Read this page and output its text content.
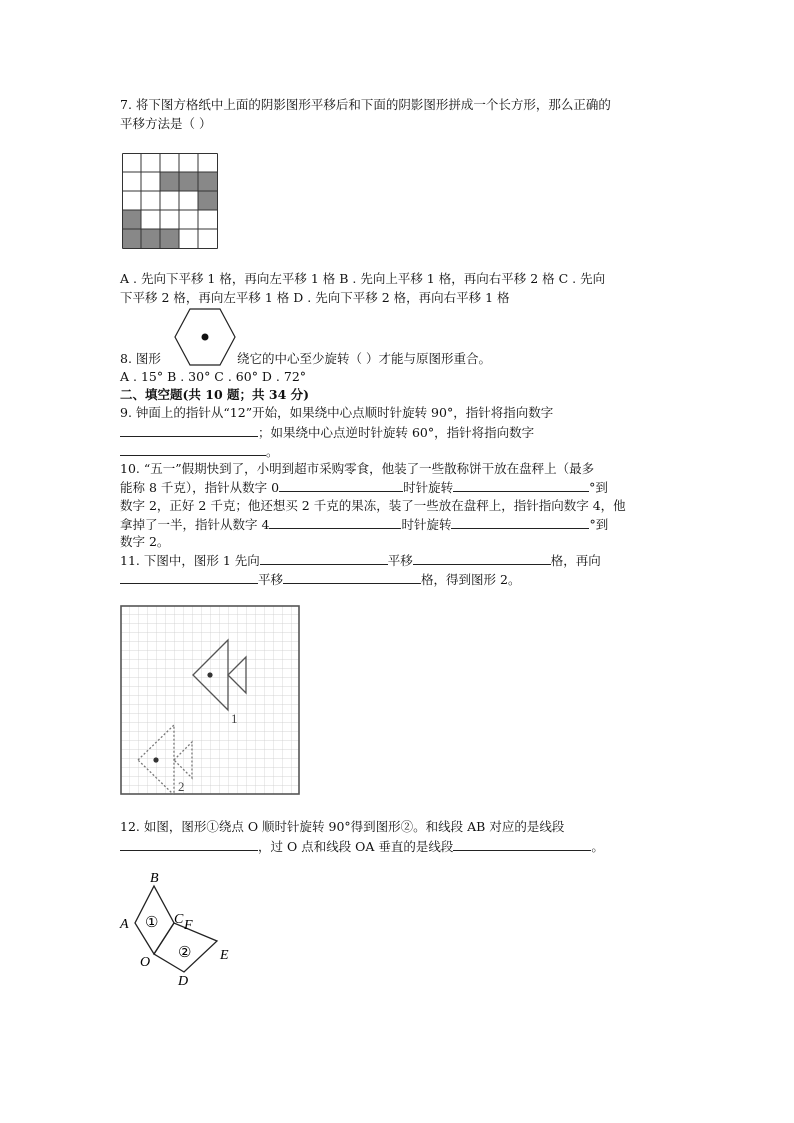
7. 将下图方格纸中上面的阴影图形平移后和下面的阴影图形拼成一个长方形，那么正确的
平移方法是（ ）
A . 先向下平移 1 格，再向左平移 1 格 B . 先向上平移 1 格，再向右平移 2 格 C . 先向
下平移 2 格，再向左平移 1 格 D . 先向下平移 2 格，再向右平移 1 格
8. 图形	绕它的中心至少旋转（ ）才能与原图形重合。
A . 15° B . 30° C . 60° D . 72°
二、填空题(共 10 题；共 34 分)
9. 钟面上的指针从“12”开始，如果绕中心点顺时针旋转 90°，指针将指向数字
；如果绕中心点逆时针旋转 60°，指针将指向数字
。
10. “五一”假期快到了，小明到超市采购零食，他装了一些散称饼干放在盘秤上（最多
能称 8 千克），指针从数字 0	时针旋转	°到
数字 2，正好 2 千克；他还想买 2 千克的果冻，装了一些放在盘秤上，指针指向数字 4，他
拿掉了一半，指针从数字 4	时针旋转	°到
数字 2。
11. 下图中，图形 1 先向	平移	格，再向
平移	格，得到图形 2。
1
2
12. 如图，图形①绕点 O 顺时针旋转 90°得到图形②。和线段 AB 对应的是线段
，过 O 点和线段 OA 垂直的是线段	。
B
A	C F
O	E
D
①
②
